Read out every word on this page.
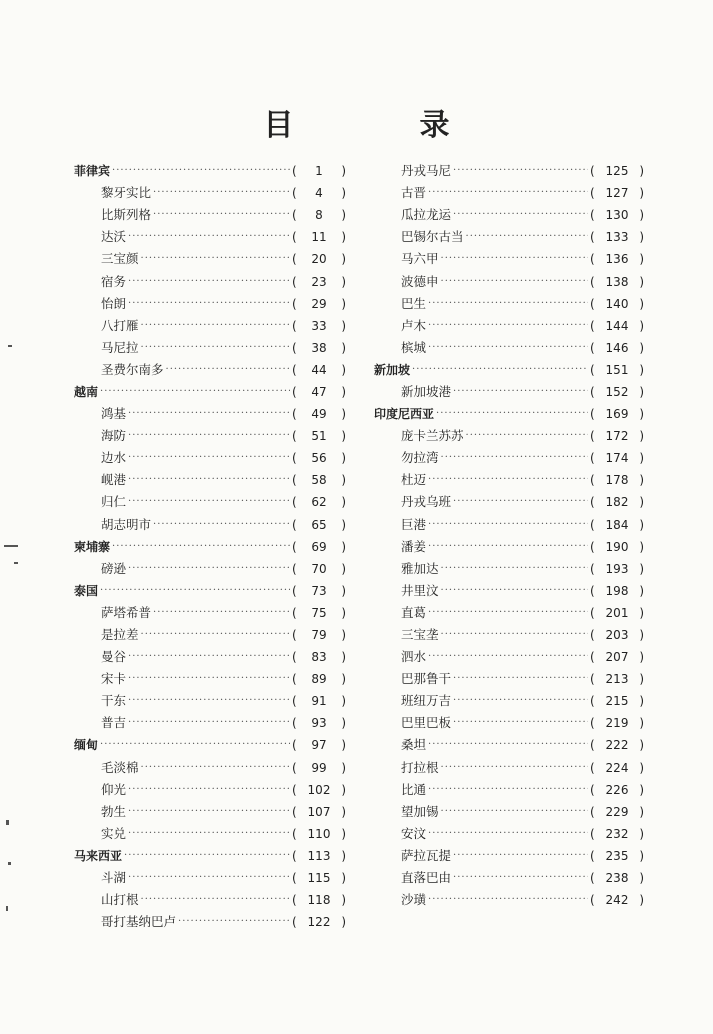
目　录
菲律宾 ·····	(	1	)
黎牙实比 ·····	(	4	)
比斯列格 ·····	(	8	)
达沃 ·····	(	11	)
三宝颜 ·····	(	20	)
宿务 ·····	(	23	)
怡朗 ·····	(	29	)
八打雁 ·····	(	33	)
马尼拉 ·····	(	38	)
圣费尔南多 ·····	(	44	)
越南 ·····	(	47	)
鸿基 ·····	(	49	)
海防 ·····	(	51	)
边水 ·····	(	56	)
岘港 ·····	(	58	)
归仁 ·····	(	62	)
胡志明市 ·····	(	65	)
柬埔寨 ·····	(	69	)
磅逊 ·····	(	70	)
泰国 ·····	(	73	)
萨塔希普 ·····	(	75	)
是拉差 ·····	(	79	)
曼谷 ·····	(	83	)
宋卡 ·····	(	89	)
干东 ·····	(	91	)
普吉 ·····	(	93	)
缅甸 ·····	(	97	)
毛淡棉 ·····	(	99	)
仰光 ·····	( 102 )
勃生 ·····	( 107 )
实兑 ·····	( 110 )
马来西亚 ·····	( 113 )
斗湖 ·····	( 115 )
山打根 ·····	( 118 )
哥打基纳巴卢 ·····	( 122 )
丹戎马尼 ·····	( 125 )
古晋 ·····	( 127 )
瓜拉龙运 ·····	( 130 )
巴锡尔古当 ·····	( 133 )
马六甲 ·····	( 136 )
波德申 ·····	( 138 )
巴生 ·····	( 140 )
卢木 ·····	( 144 )
槟城 ·····	( 146 )
新加坡 ·····	( 151 )
新加坡港 ·····	( 152 )
印度尼西亚 ·····	( 169 )
庞卡兰苏苏 ·····	( 172 )
勿拉湾 ·····	( 174 )
杜迈 ·····	( 178 )
丹戎乌班 ·····	( 182 )
巨港 ·····	( 184 )
潘姜 ·····	( 190 )
雅加达 ·····	( 193 )
井里汶 ·····	( 198 )
直葛 ·····	( 201 )
三宝垄 ·····	( 203 )
泗水 ·····	( 207 )
巴那鲁干 ·····	( 213 )
班纽万吉 ·····	( 215 )
巴里巴板 ·····	( 219 )
桑坦 ·····	( 222 )
打拉根 ·····	( 224 )
比通 ·····	( 226 )
望加锡 ·····	( 229 )
安汶 ·····	( 232 )
萨拉瓦提 ·····	( 235 )
直落巴由 ·····	( 238 )
沙璜 ·····	( 242 )
